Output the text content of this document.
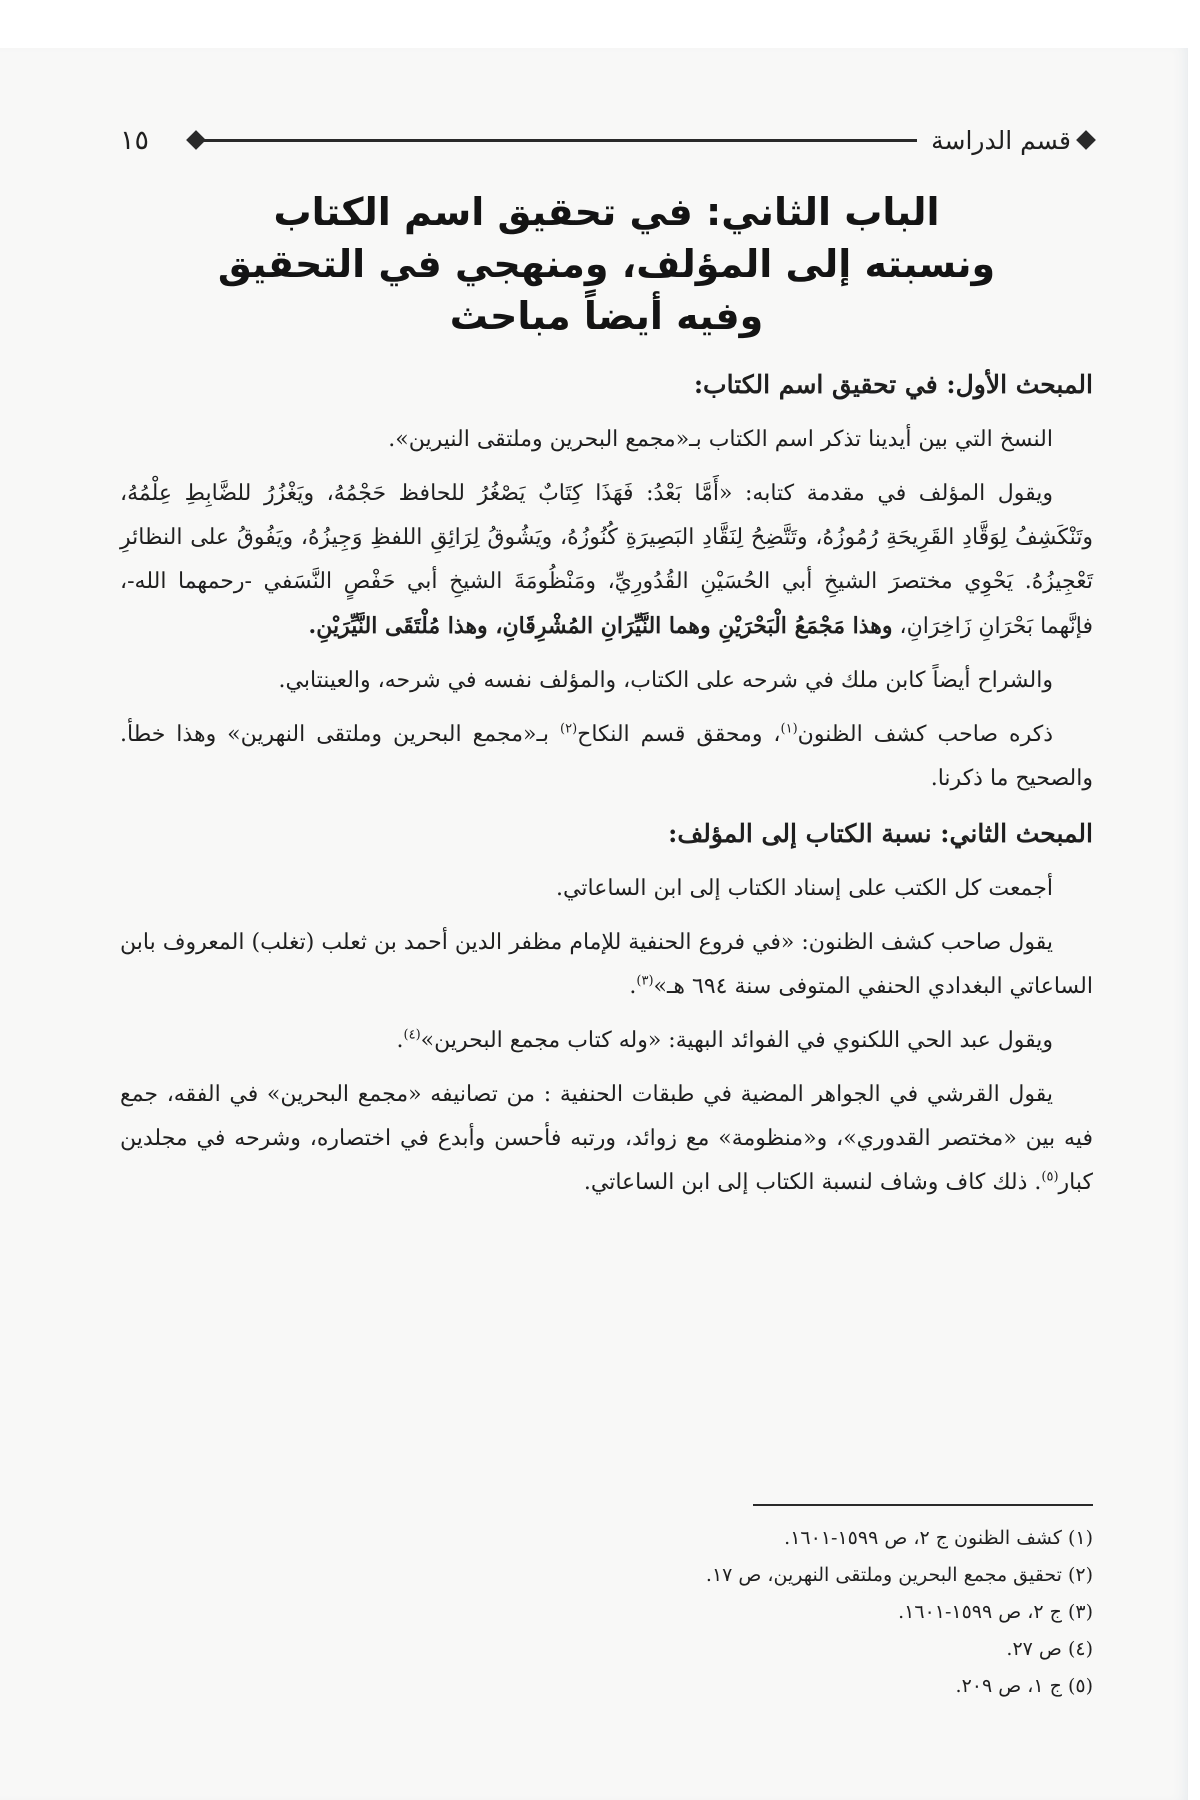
قسم الدراسة
١٥
الباب الثاني: في تحقيق اسم الكتاب
ونسبته إلى المؤلف، ومنهجي في التحقيق
وفيه أيضاً مباحث
المبحث الأول: في تحقيق اسم الكتاب:

النسخ التي بين أيدينا تذكر اسم الكتاب بـ«مجمع البحرين وملتقى النيرين».

ويقول المؤلف في مقدمة كتابه: «أَمَّا بَعْدُ: فَهَذَا كِتَابٌ يَصْغُرُ للحافظ حَجْمُهُ، ويَغْزُرُ للضَّابِطِ عِلْمُهُ، وتَنْكَشِفُ لِوَقَّادِ القَرِيحَةِ رُمُوزُهُ، وتَتَّضِحُ لِنَقَّادِ البَصِيرَةِ كُنُوزُهُ، ويَشُوقُ لِرَائِقِ اللفظِ وَجِيزُهُ، ويَفُوقُ على النظائرِ تَعْجِيزُهُ. يَحْوِي مختصرَ الشيخِ أبي الحُسَيْنِ القُدُورِيِّ، ومَنْظُومَةَ الشيخِ أبي حَفْصٍ النَّسَفي -رحمهما الله-، فإنَّهما بَحْرَانِ زَاخِرَانِ، وهذا مَجْمَعُ الْبَحْرَيْنِ وهما النَّيِّرَانِ المُشْرِقَانِ، وهذا مُلْتَقَى النَّيِّرَيْنِ.

والشراح أيضاً كابن ملك في شرحه على الكتاب، والمؤلف نفسه في شرحه، والعينتابي.

ذكره صاحب كشف الظنون$^{(١)}$، ومحقق قسم النكاح$^{(٢)}$ بـ«مجمع البحرين وملتقى النهرين» وهذا خطأ. والصحيح ما ذكرنا.

المبحث الثاني: نسبة الكتاب إلى المؤلف:

أجمعت كل الكتب على إسناد الكتاب إلى ابن الساعاتي.

يقول صاحب كشف الظنون: «في فروع الحنفية للإمام مظفر الدين أحمد بن ثعلب (تغلب) المعروف بابن الساعاتي البغدادي الحنفي المتوفى سنة ٦٩٤ هـ»$^{(٣)}$.

ويقول عبد الحي اللكنوي في الفوائد البهية: «وله كتاب مجمع البحرين»$^{(٤)}$.

يقول القرشي في الجواهر المضية في طبقات الحنفية : من تصانيفه «مجمع البحرين» في الفقه، جمع فيه بين «مختصر القدوري»، و«منظومة» مع زوائد، ورتبه فأحسن وأبدع في اختصاره، وشرحه في مجلدين كبار$^{(٥)}$. ذلك كاف وشاف لنسبة الكتاب إلى ابن الساعاتي.

(١) كشف الظنون ج ٢، ص ١٥٩٩-١٦٠١.
(٢) تحقيق مجمع البحرين وملتقى النهرين، ص ١٧.
(٣) ج ٢، ص ١٥٩٩-١٦٠١.
(٤) ص ٢٧.
(٥) ج ١، ص ٢٠٩.
